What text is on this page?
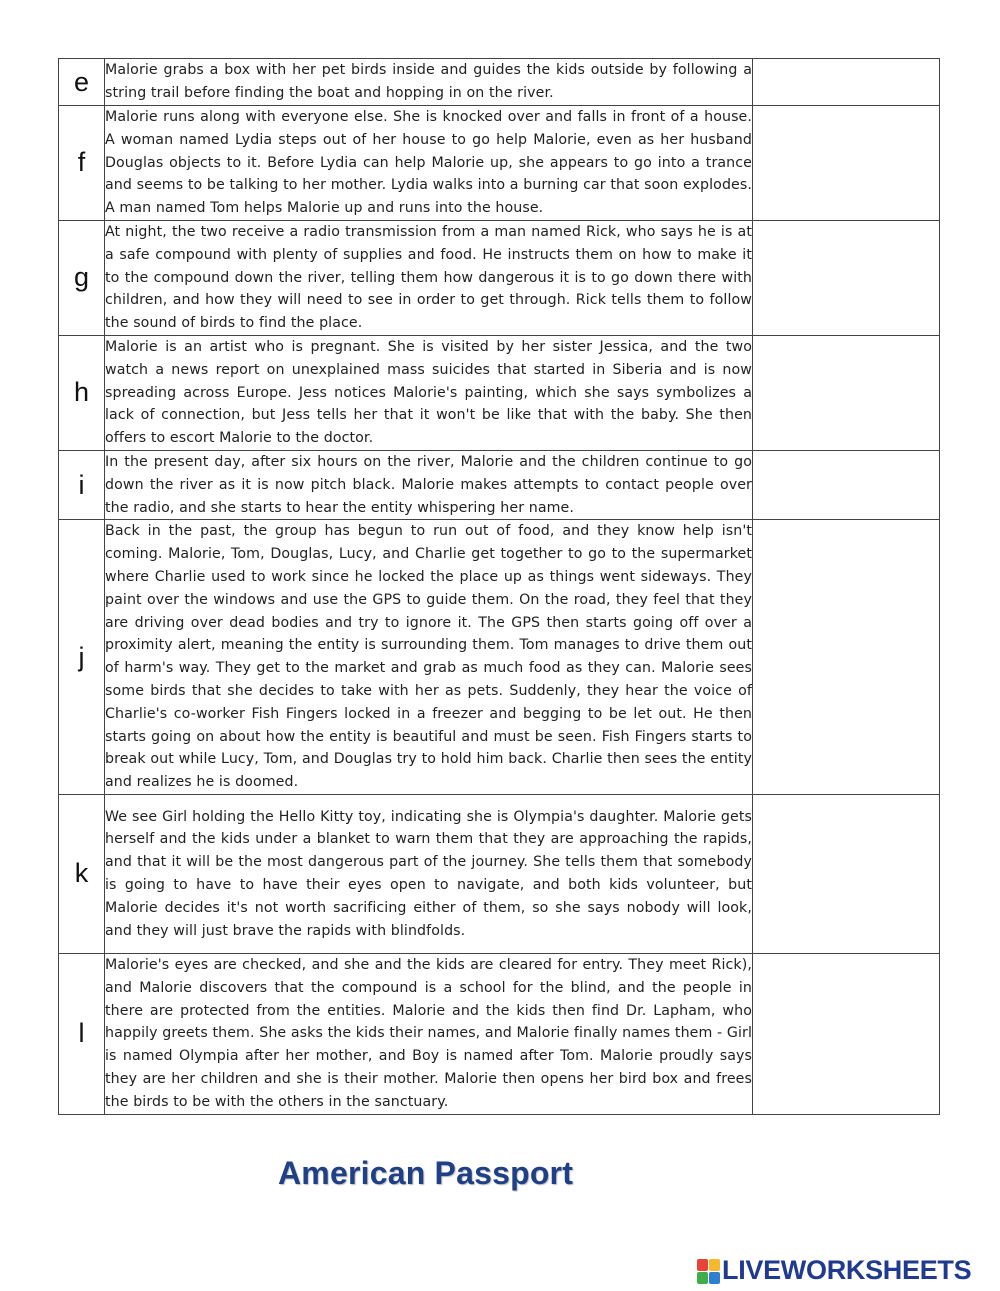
e	Malorie grabs a box with her pet birds inside and guides the kids outside by following a string trail before finding the boat and hopping in on the river.	

f	Malorie runs along with everyone else. She is knocked over and falls in front of a house. A woman named Lydia steps out of her house to go help Malorie, even as her husband Douglas objects to it. Before Lydia can help Malorie up, she appears to go into a trance and seems to be talking to her mother. Lydia walks into a burning car that soon explodes. A man named Tom helps Malorie up and runs into the house.	

g	At night, the two receive a radio transmission from a man named Rick, who says he is at a safe compound with plenty of supplies and food. He instructs them on how to make it to the compound down the river, telling them how dangerous it is to go down there with children, and how they will need to see in order to get through. Rick tells them to follow the sound of birds to find the place.	

h	Malorie is an artist who is pregnant. She is visited by her sister Jessica, and the two watch a news report on unexplained mass suicides that started in Siberia and is now spreading across Europe. Jess notices Malorie's painting, which she says symbolizes a lack of connection, but Jess tells her that it won't be like that with the baby. She then offers to escort Malorie to the doctor.	

i	In the present day, after six hours on the river, Malorie and the children continue to go down the river as it is now pitch black. Malorie makes attempts to contact people over the radio, and she starts to hear the entity whispering her name.	

j	Back in the past, the group has begun to run out of food, and they know help isn't coming. Malorie, Tom, Douglas, Lucy, and Charlie get together to go to the supermarket where Charlie used to work since he locked the place up as things went sideways. They paint over the windows and use the GPS to guide them. On the road, they feel that they are driving over dead bodies and try to ignore it. The GPS then starts going off over a proximity alert, meaning the entity is surrounding them. Tom manages to drive them out of harm's way. They get to the market and grab as much food as they can. Malorie sees some birds that she decides to take with her as pets. Suddenly, they hear the voice of Charlie's co-worker Fish Fingers locked in a freezer and begging to be let out. He then starts going on about how the entity is beautiful and must be seen. Fish Fingers starts to break out while Lucy, Tom, and Douglas try to hold him back. Charlie then sees the entity and realizes he is doomed.	

k	We see Girl holding the Hello Kitty toy, indicating she is Olympia's daughter. Malorie gets herself and the kids under a blanket to warn them that they are approaching the rapids, and that it will be the most dangerous part of the journey. She tells them that somebody is going to have to have their eyes open to navigate, and both kids volunteer, but Malorie decides it's not worth sacrificing either of them, so she says nobody will look, and they will just brave the rapids with blindfolds.	

l	Malorie's eyes are checked, and she and the kids are cleared for entry. They meet Rick), and Malorie discovers that the compound is a school for the blind, and the people in there are protected from the entities. Malorie and the kids then find Dr. Lapham, who happily greets them. She asks the kids their names, and Malorie finally names them - Girl is named Olympia after her mother, and Boy is named after Tom. Malorie proudly says they are her children and she is their mother. Malorie then opens her bird box and frees the birds to be with the others in the sanctuary.	
American Passport
LIVEWORKSHEETS
